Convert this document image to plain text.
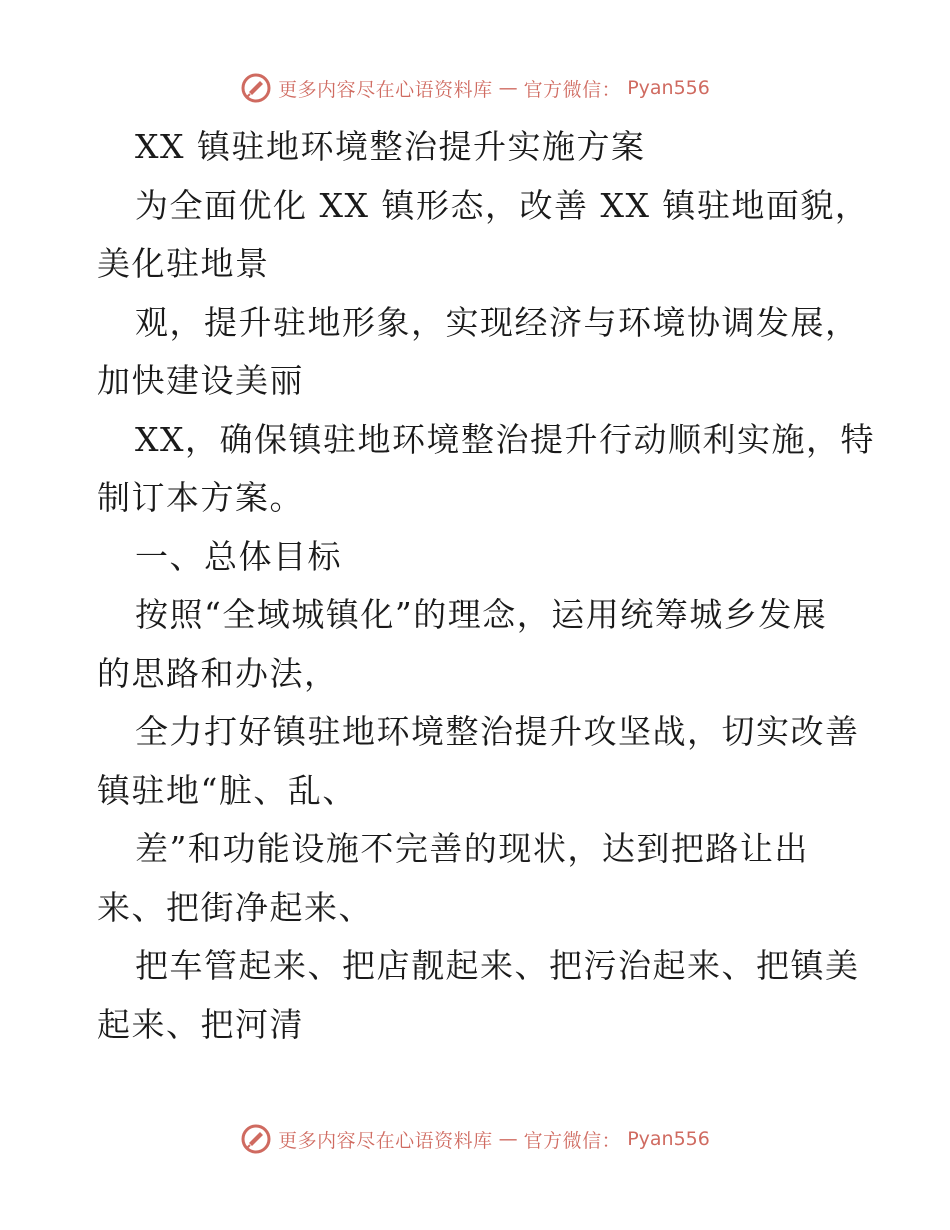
更多内容尽在心语资料库 — 官方微信： Pyan556
XX 镇驻地环境整治提升实施方案
为全面优化 XX 镇形态，改善 XX 镇驻地面貌，
美化驻地景
观，提升驻地形象，实现经济与环境协调发展，
加快建设美丽
XX，确保镇驻地环境整治提升行动顺利实施，特
制订本方案。
一、总体目标
按照“全域城镇化”的理念，运用统筹城乡发展
的思路和办法，
全力打好镇驻地环境整治提升攻坚战，切实改善
镇驻地“脏、乱、
差”和功能设施不完善的现状，达到把路让出
来、把街净起来、
把车管起来、把店靓起来、把污治起来、把镇美
起来、把河清
更多内容尽在心语资料库 — 官方微信： Pyan556
